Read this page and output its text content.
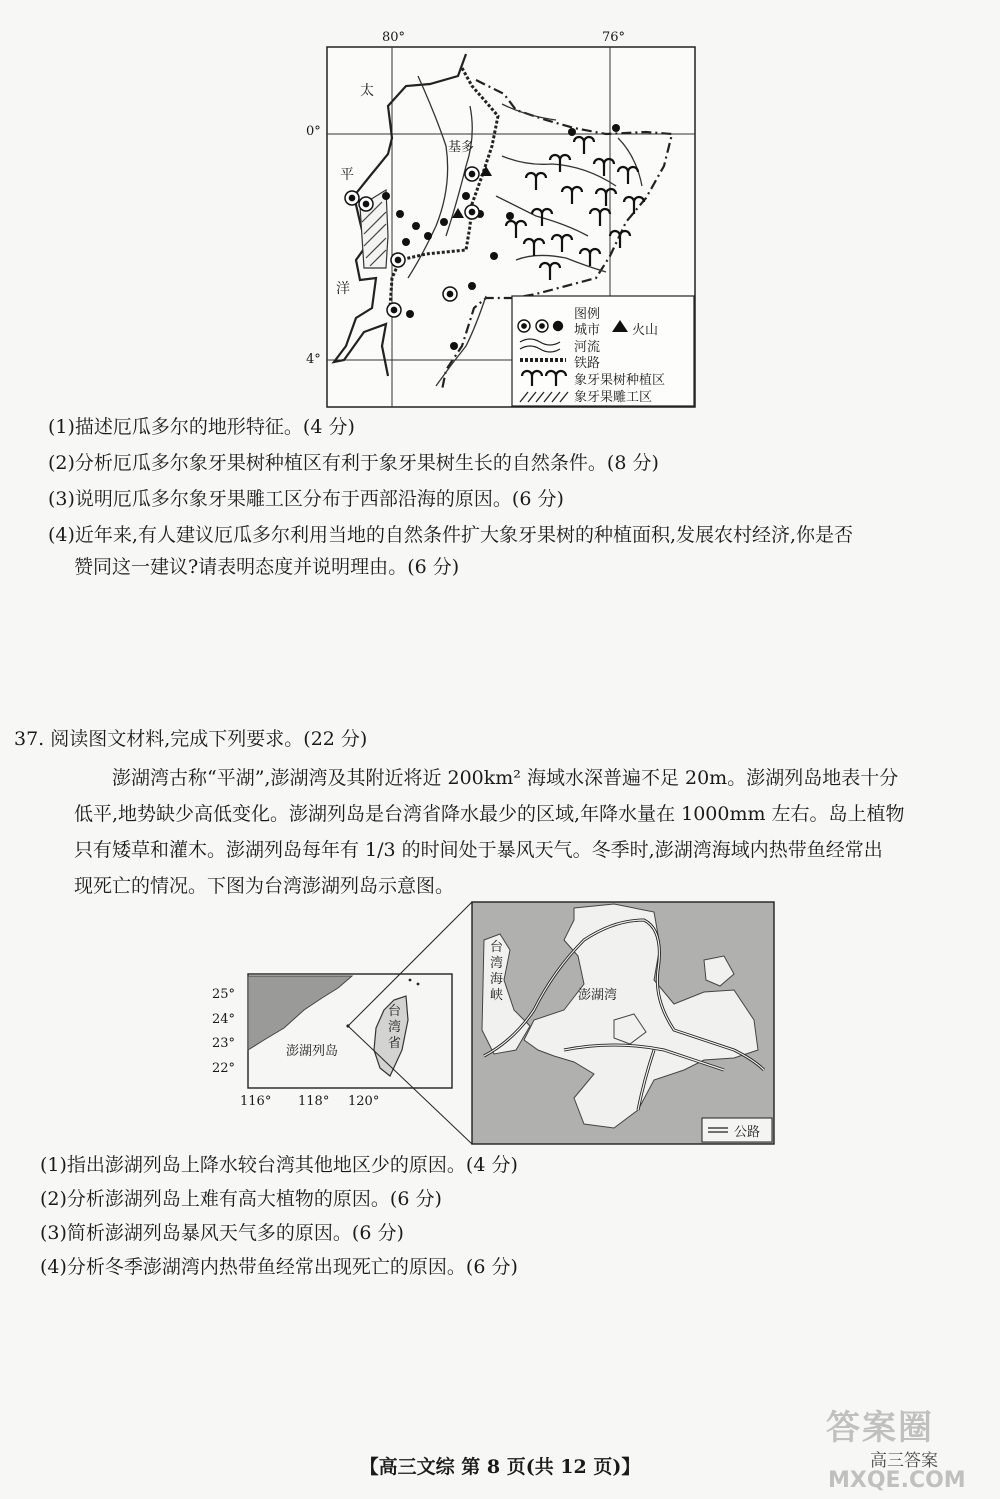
80°	76°
0°
4°
太
平
洋
基多
图例
城市 火山
河流
铁路
象牙果树种植区
象牙果雕工区
(1)描述厄瓜多尔的地形特征。(4 分)
(2)分析厄瓜多尔象牙果树种植区有利于象牙果树生长的自然条件。(8 分)
(3)说明厄瓜多尔象牙果雕工区分布于西部沿海的原因。(6 分)
(4)近年来,有人建议厄瓜多尔利用当地的自然条件扩大象牙果树的种植面积,发展农村经济,你是否
赞同这一建议?请表明态度并说明理由。(6 分)
37. 阅读图文材料,完成下列要求。(22 分)
澎湖湾古称“平湖”,澎湖湾及其附近将近 200km² 海域水深普遍不足 20m。澎湖列岛地表十分
低平,地势缺少高低变化。澎湖列岛是台湾省降水最少的区域,年降水量在 1000mm 左右。岛上植物
只有矮草和灌木。澎湖列岛每年有 1/3 的时间处于暴风天气。冬季时,澎湖湾海域内热带鱼经常出
现死亡的情况。下图为台湾澎湖列岛示意图。
25°
24°
23°
22°
116° 118° 120°
澎湖列岛
台
湾
省
台
湾
海
峡	澎湖湾
公路
(1)指出澎湖列岛上降水较台湾其他地区少的原因。(4 分)
(2)分析澎湖列岛上难有高大植物的原因。(6 分)
(3)简析澎湖列岛暴风天气多的原因。(6 分)
(4)分析冬季澎湖湾内热带鱼经常出现死亡的原因。(6 分)
【高三文综 第 8 页(共 12 页)】
答案圈
高三答案
MXQE.COM
